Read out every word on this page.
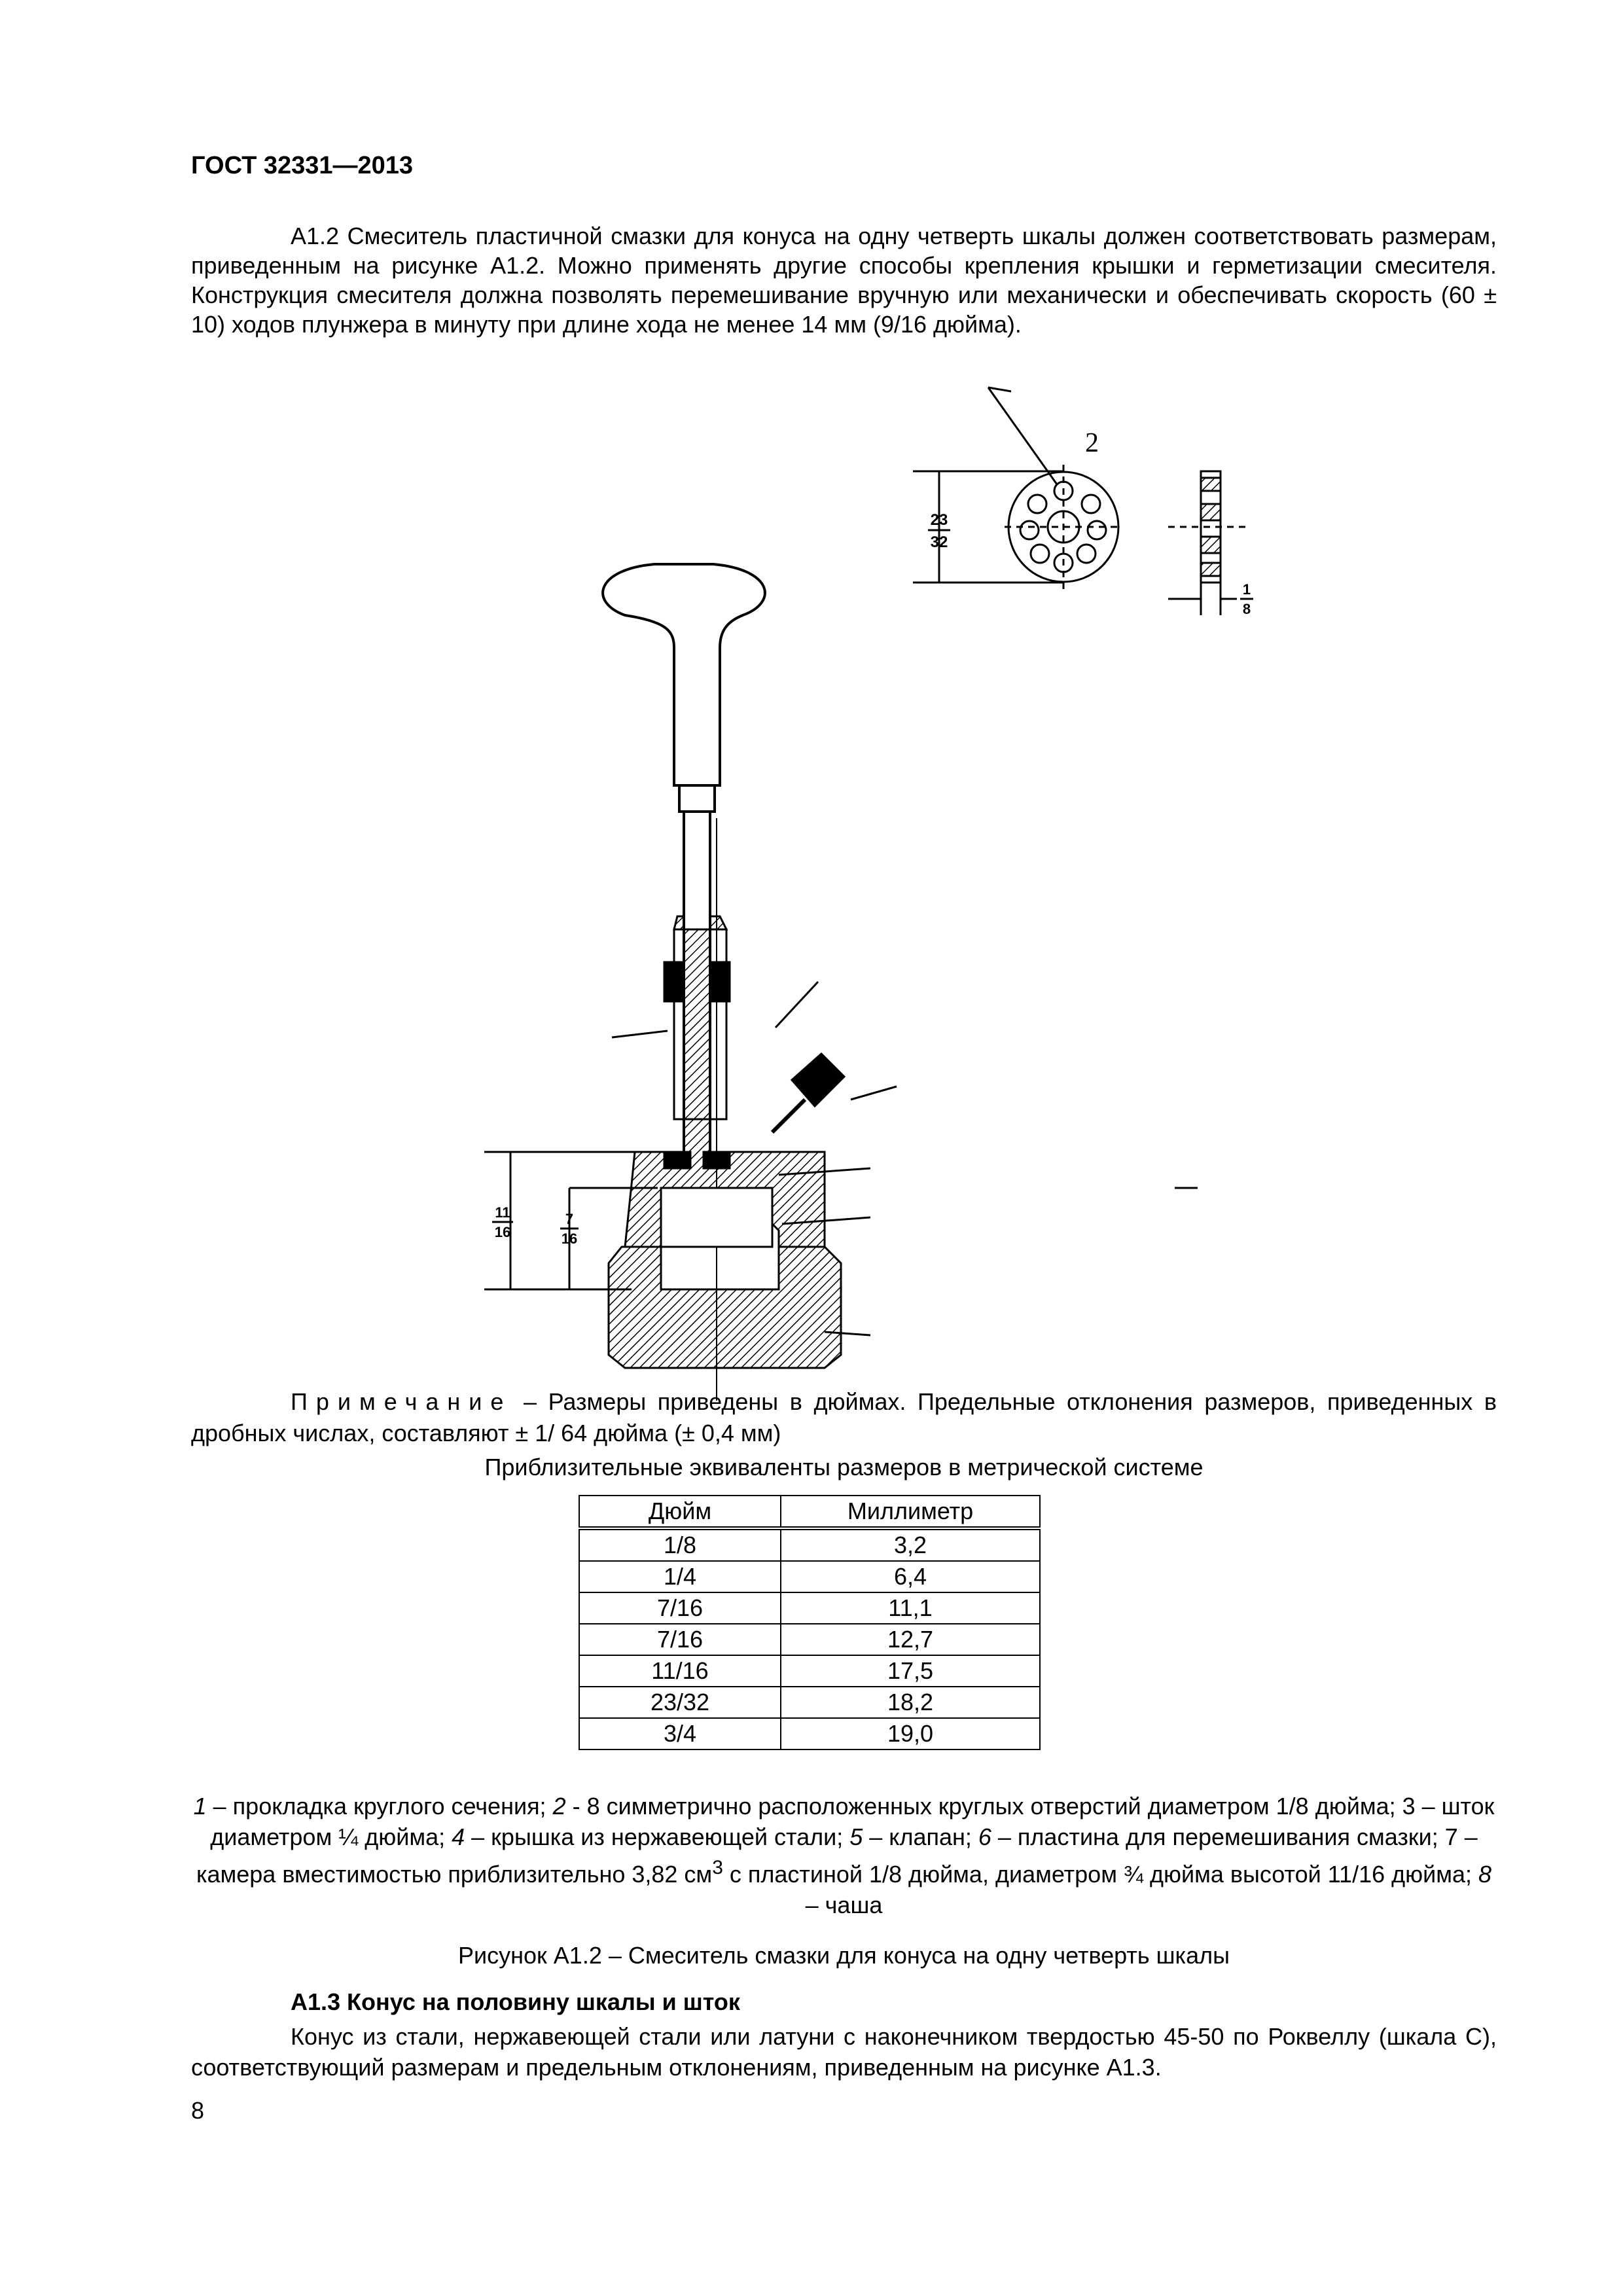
ГОСТ 32331—2013
А1.2 Смеситель пластичной смазки для конуса на одну четверть шкалы должен соответствовать размерам, приведенным на рисунке А1.2. Можно применять другие способы крепления крышки и герметизации смесителя. Конструкция смесителя должна позволять перемешивание вручную или механически и обеспечивать скорость (60 ± 10) ходов плунжера в минуту при длине хода не менее 14 мм (9/16 дюйма).
2
23
32
1
8
11
16
7
16
Примечание – Размеры приведены в дюймах. Предельные отклонения размеров, приведенных в дробных числах, составляют ± 1/ 64 дюйма (± 0,4 мм)
Приблизительные эквиваленты размеров в метрической системе
Дюйм	Миллиметр
1/8	3,2
1/4	6,4
7/16	11,1
7/16	12,7
11/16	17,5
23/32	18,2
3/4	19,0
1 – прокладка круглого сечения; 2 - 8 симметрично расположенных круглых отверстий диаметром 1/8 дюйма; 3 – шток диаметром ¼ дюйма; 4 – крышка из нержавеющей стали; 5 – клапан; 6 – пластина для перемешивания смазки; 7 – камера вместимостью приблизительно 3,82 $см^3$ с пластиной 1/8 дюйма, диаметром ¾ дюйма высотой 11/16 дюйма; 8 – чаша
Рисунок А1.2 – Смеситель смазки для конуса на одну четверть шкалы
А1.3 Конус на половину шкалы и шток
Конус из стали, нержавеющей стали или латуни с наконечником твердостью 45-50 по Роквеллу (шкала С), соответствующий размерам и предельным отклонениям, приведенным на рисунке А1.3.
8
